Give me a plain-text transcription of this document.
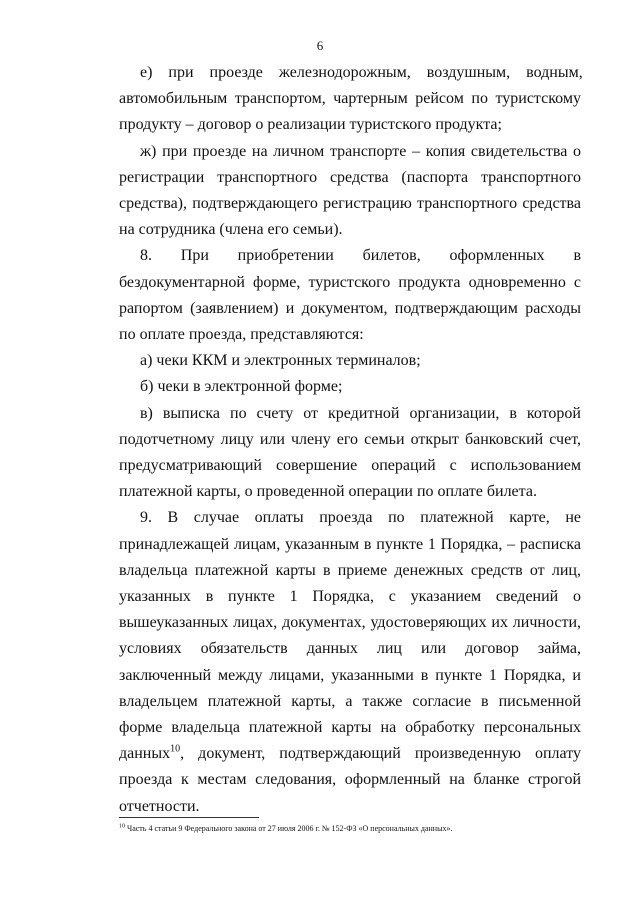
6

е)    при    проезде    железнодорожным,    воздушным,    водным, автомобильным транспортом, чартерным рейсом по туристскому продукту – договор о реализации туристского продукта;

ж) при проезде на личном транспорте – копия свидетельства о регистрации транспортного средства (паспорта транспортного средства), подтверждающего регистрацию транспортного средства на сотрудника (члена его семьи).

8. При приобретении билетов, оформленных в бездокументарной форме, туристского продукта одновременно с рапортом (заявлением) и документом, подтверждающим расходы по оплате проезда, представляются:

а) чеки ККМ и электронных терминалов;

б) чеки в электронной форме;

в) выписка по счету от кредитной организации, в которой подотчетному лицу или члену его семьи открыт банковский счет, предусматривающий совершение операций с использованием платежной карты, о проведенной операции по оплате билета.

9. В случае оплаты проезда по платежной карте, не принадлежащей лицам, указанным в пункте 1 Порядка, – расписка владельца платежной карты в приеме денежных средств от лиц, указанных в пункте 1 Порядка, с указанием сведений о вышеуказанных лицах, документах, удостоверяющих их личности, условиях обязательств данных лиц или договор займа, заключенный между лицами, указанными в пункте 1 Порядка, и владельцем платежной карты, а также согласие в письменной форме владельца платежной карты на обработку персональных данных$^{10}$, документ, подтверждающий произведенную оплату проезда к местам следования, оформленный на бланке строгой отчетности.

$^{10}$ Часть 4 статьи 9 Федерального закона от 27 июля 2006 г. № 152-ФЗ «О персональных данных».
